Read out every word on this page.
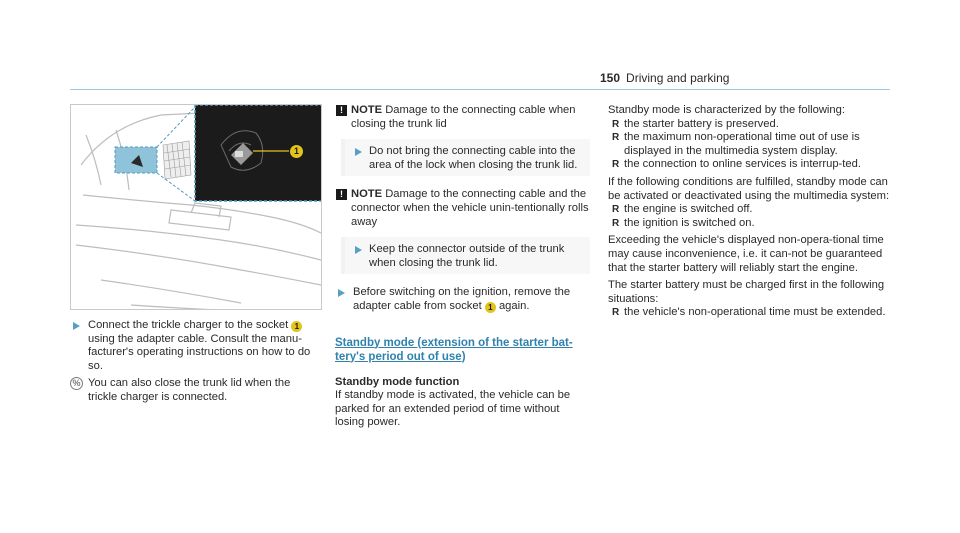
150 Driving and parking
1
Connect the trickle charger to the socket 1 using the adapter cable. Consult the manu-facturer's operating instructions on how to do so.
% You can also close the trunk lid when the trickle charger is connected.
! NOTE Damage to the connecting cable when closing the trunk lid
Do not bring the connecting cable into the area of the lock when closing the trunk lid.
! NOTE Damage to the connecting cable and the connector when the vehicle unin-tentionally rolls away
Keep the connector outside of the trunk when closing the trunk lid.
Before switching on the ignition, remove the adapter cable from socket 1 again.
Standby mode (extension of the starter bat-tery's period out of use)
Standby mode function
If standby mode is activated, the vehicle can be parked for an extended period of time without losing power.
Standby mode is characterized by the following:
R the starter battery is preserved.
R the maximum non-operational time out of use is displayed in the multimedia system display.
R the connection to online services is interrup-ted.
If the following conditions are fulfilled, standby mode can be activated or deactivated using the multimedia system:
R the engine is switched off.
R the ignition is switched on.
Exceeding the vehicle's displayed non-opera-tional time may cause inconvenience, i.e. it can-not be guaranteed that the starter battery will reliably start the engine.
The starter battery must be charged first in the following situations:
R the vehicle's non-operational time must be extended.
